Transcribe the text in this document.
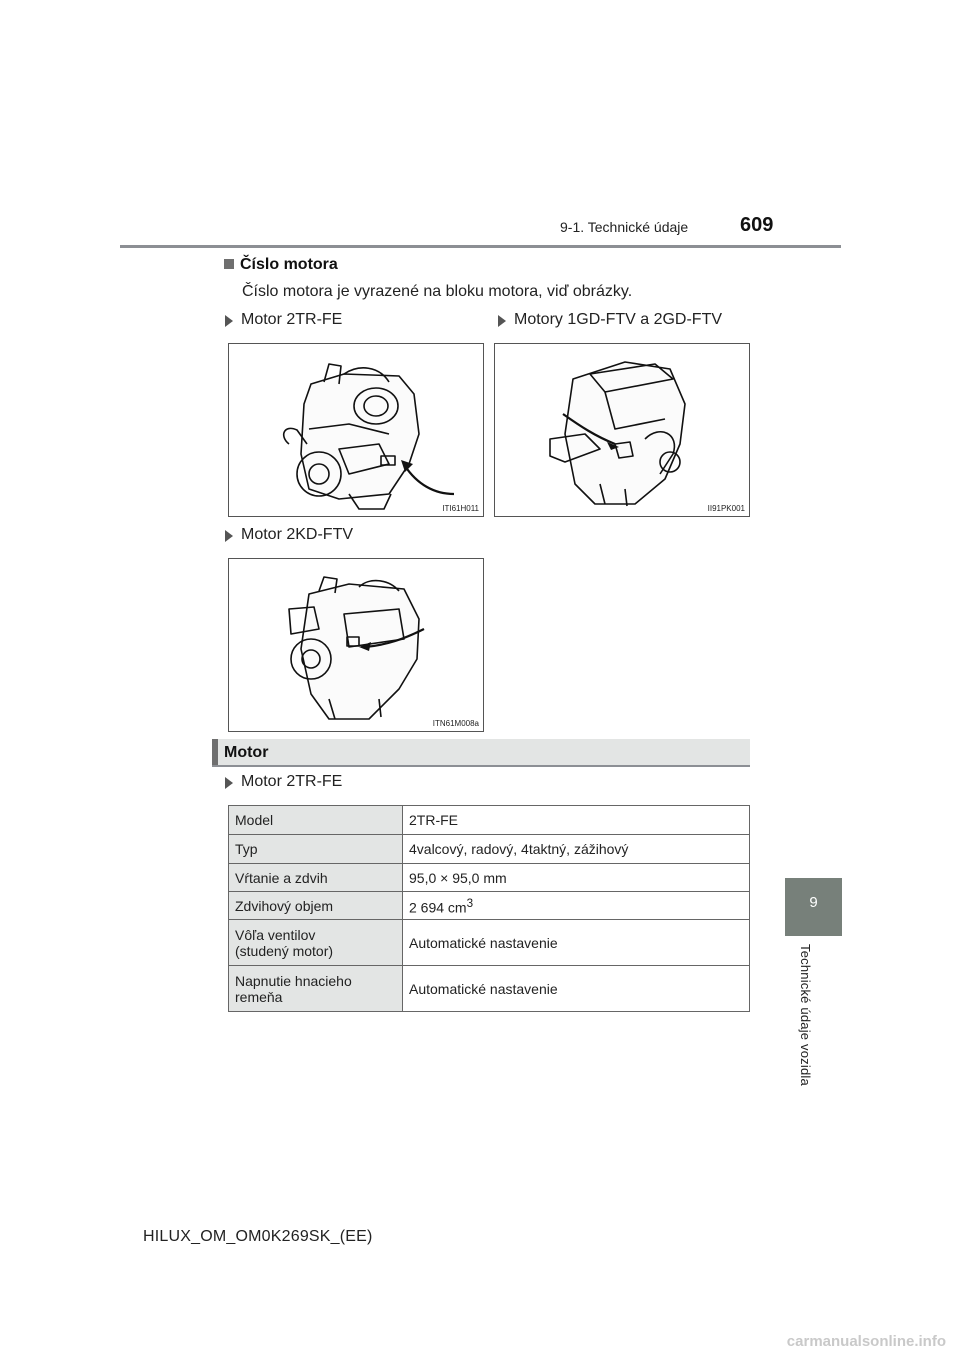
9-1. Technické údaje	609
9
Technické údaje vozidla
Číslo motora
Číslo motora je vyrazené na bloku motora, viď obrázky.
Motor 2TR-FE	Motory 1GD-FTV a 2GD-FTV
ITI61H011	II91PK001
Motor 2KD-FTV
ITN61M008a
Motor
Motor 2TR-FE
Model	2TR-FE
Typ	4valcový, radový, 4taktný, zážihový
Vŕtanie a zdvih	95,0 × 95,0 mm
Zdvihový objem	2 694 $cm^3$
Vôľa ventilov
(studený motor)	Automatické nastavenie
Napnutie hnacieho
remeňa	Automatické nastavenie
HILUX_OM_OM0K269SK_(EE)
carmanualsonline.info
